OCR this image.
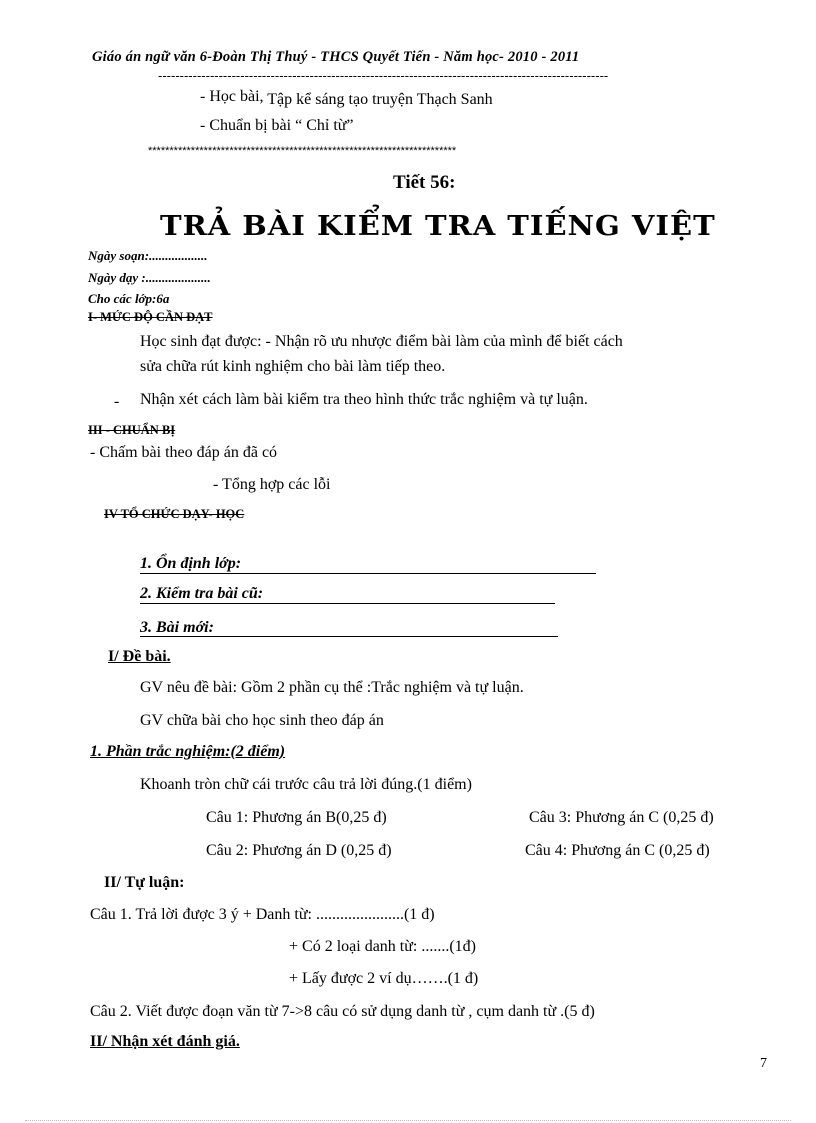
Giáo án ngữ văn 6-Đoàn Thị Thuý - THCS Quyết Tiến - Năm học- 2010 - 2011
--------------------------------------------------------------------------------------------------------
- Học bài, Tập kể sáng tạo truyện Thạch Sanh
- Chuẩn bị bài “ Chỉ từ”
************************************************************************
Tiết 56:
TRẢ BÀI KIỂM TRA TIẾNG VIỆT
Ngày soạn:..................
Ngày dạy :....................
Cho các lớp:6a
I- MỨC ĐỘ CẦN ĐẠT
Học sinh đạt được: - Nhận rõ ưu nhược điểm bài làm của mình để biết cách
sửa chữa rút kinh nghiệm cho bài làm tiếp theo.
- Nhận xét cách làm bài kiểm tra theo hình thức trắc nghiệm và tự luận.
III - CHUẨN BỊ
- Chấm bài theo đáp án đã có
- Tổng hợp các lỗi
IV TỔ CHỨC DẠY- HỌC
1. Ổn định lớp:
2. Kiểm tra bài cũ:
3. Bài mới:
I/ Đề bài.
GV nêu đề bài: Gồm 2 phần cụ thể :Trắc nghiệm và tự luận.
GV chữa bài cho học sinh theo đáp án
1. Phần trắc nghiệm:(2 điểm)
Khoanh tròn chữ cái trước câu trả lời đúng.(1 điểm)
Câu 1: Phương án B(0,25 đ)	Câu 3: Phương án C (0,25 đ)
Câu 2: Phương án D (0,25 đ)	Câu 4: Phương án C (0,25 đ)
II/ Tự luận:
Câu 1. Trả lời được 3 ý + Danh từ: ......................(1 đ)
+ Có 2 loại danh từ: .......(1đ)
+ Lấy được 2 ví dụ…….(1 đ)
Câu 2. Viết được đoạn văn từ 7->8 câu có sử dụng danh từ , cụm danh từ .(5 đ)
II/ Nhận xét đánh giá.
7
